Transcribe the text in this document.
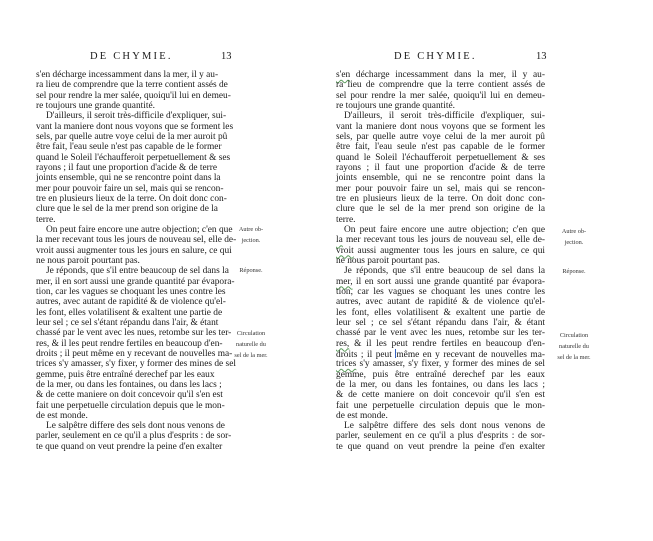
DE CHYMIE.	13
s'en décharge incessamment dans la mer, il y au-
ra lieu de comprendre que la terre contient assés de
sel pour rendre la mer salée, quoiqu'il lui en demeu-
re toujours une grande quantité.
D'ailleurs, il seroit très-difficile d'expliquer, sui-
vant la maniere dont nous voyons que se forment les
sels, par quelle autre voye celui de la mer auroit pû
être fait, l'eau seule n'est pas capable de le former
quand le Soleil l'échaufferoit perpetuellement & ses
rayons ; il faut une proportion d'acide & de terre
joints ensemble, qui ne se rencontre point dans la
mer pour pouvoir faire un sel, mais qui se rencon-
tre en plusieurs lieux de la terre. On doit donc con-
clure que le sel de la mer prend son origine de la
terre.
On peut faire encore une autre objection; c'en que
la mer recevant tous les jours de nouveau sel, elle de-
vroit aussi augmenter tous les jours en salure, ce qui
ne nous paroit pourtant pas.
Je réponds, que s'il entre beaucoup de sel dans la
mer, il en sort aussi une grande quantité par évapora-
tion, car les vagues se choquant les unes contre les
autres, avec autant de rapidité & de violence qu'el-
les font, elles volatilisent & exaltent une partie de
leur sel ; ce sel s'étant répandu dans l'air, & étant
chassé par le vent avec les nues, retombe sur les ter-
res, & il les peut rendre fertiles en beaucoup d'en-
droits ; il peut même en y recevant de nouvelles ma-
trices s'y amasser, s'y fixer, y former des mines de sel
gemme, puis être entraîné derechef par les eaux
de la mer, ou dans les fontaines, ou dans les lacs ;
& de cette maniere on doit concevoir qu'il s'en est
fait une perpetuelle circulation depuis que le mon-
de est monde.
Le salpêtre differe des sels dont nous venons de
parler, seulement en ce qu'il a plus d'esprits : de sor-
te que quand on veut prendre la peine d'en exalter
Autre ob-
jection.
Réponse.
Circulation
naturelle du
sel de la mer.
DE CHYMIE.	13
s'en décharge incessamment dans la mer, il y au-
ra lieu de comprendre que la terre contient assés de
sel pour rendre la mer salée, quoiqu'il lui en demeu-
re toujours une grande quantité.
D'ailleurs, il seroit très-difficile d'expliquer, sui-
vant la maniere dont nous voyons que se forment les
sels, par quelle autre voye celui de la mer auroit pû
être fait, l'eau seule n'est pas capable de le former
quand le Soleil l'échaufferoit perpetuellement & ses
rayons ; il faut une proportion d'acide & de terre
joints ensemble, qui ne se rencontre point dans la
mer pour pouvoir faire un sel, mais qui se rencon-
tre en plusieurs lieux de la terre. On doit donc con-
clure que le sel de la mer prend son origine de la
terre.
On peut faire encore une autre objection; c'en que
la mer recevant tous les jours de nouveau sel, elle de-
vroit aussi augmenter tous les jours en salure, ce qui
ne nous paroit pourtant pas.
Je réponds, que s'il entre beaucoup de sel dans la
mer, il en sort aussi une grande quantité par évapora-
tion, car les vagues se choquant les unes contre les
autres, avec autant de rapidité & de violence qu'el-
les font, elles volatilisent & exaltent une partie de
leur sel ; ce sel s'étant répandu dans l'air, & étant
chassé par le vent avec les nues, retombe sur les ter-
res, & il les peut rendre fertiles en beaucoup d'en-
droits ; il peut même en y recevant de nouvelles ma-
trices s'y amasser, s'y fixer, y former des mines de sel
gemme, puis être entraîné derechef par les eaux
de la mer, ou dans les fontaines, ou dans les lacs ;
& de cette maniere on doit concevoir qu'il s'en est
fait une perpetuelle circulation depuis que le mon-
de est monde.
Le salpêtre differe des sels dont nous venons de
parler, seulement en ce qu'il a plus d'esprits : de sor-
te que quand on veut prendre la peine d'en exalter
Autre ob-
jection.
Réponse.
Circulation
naturelle du
sel de la mer.
